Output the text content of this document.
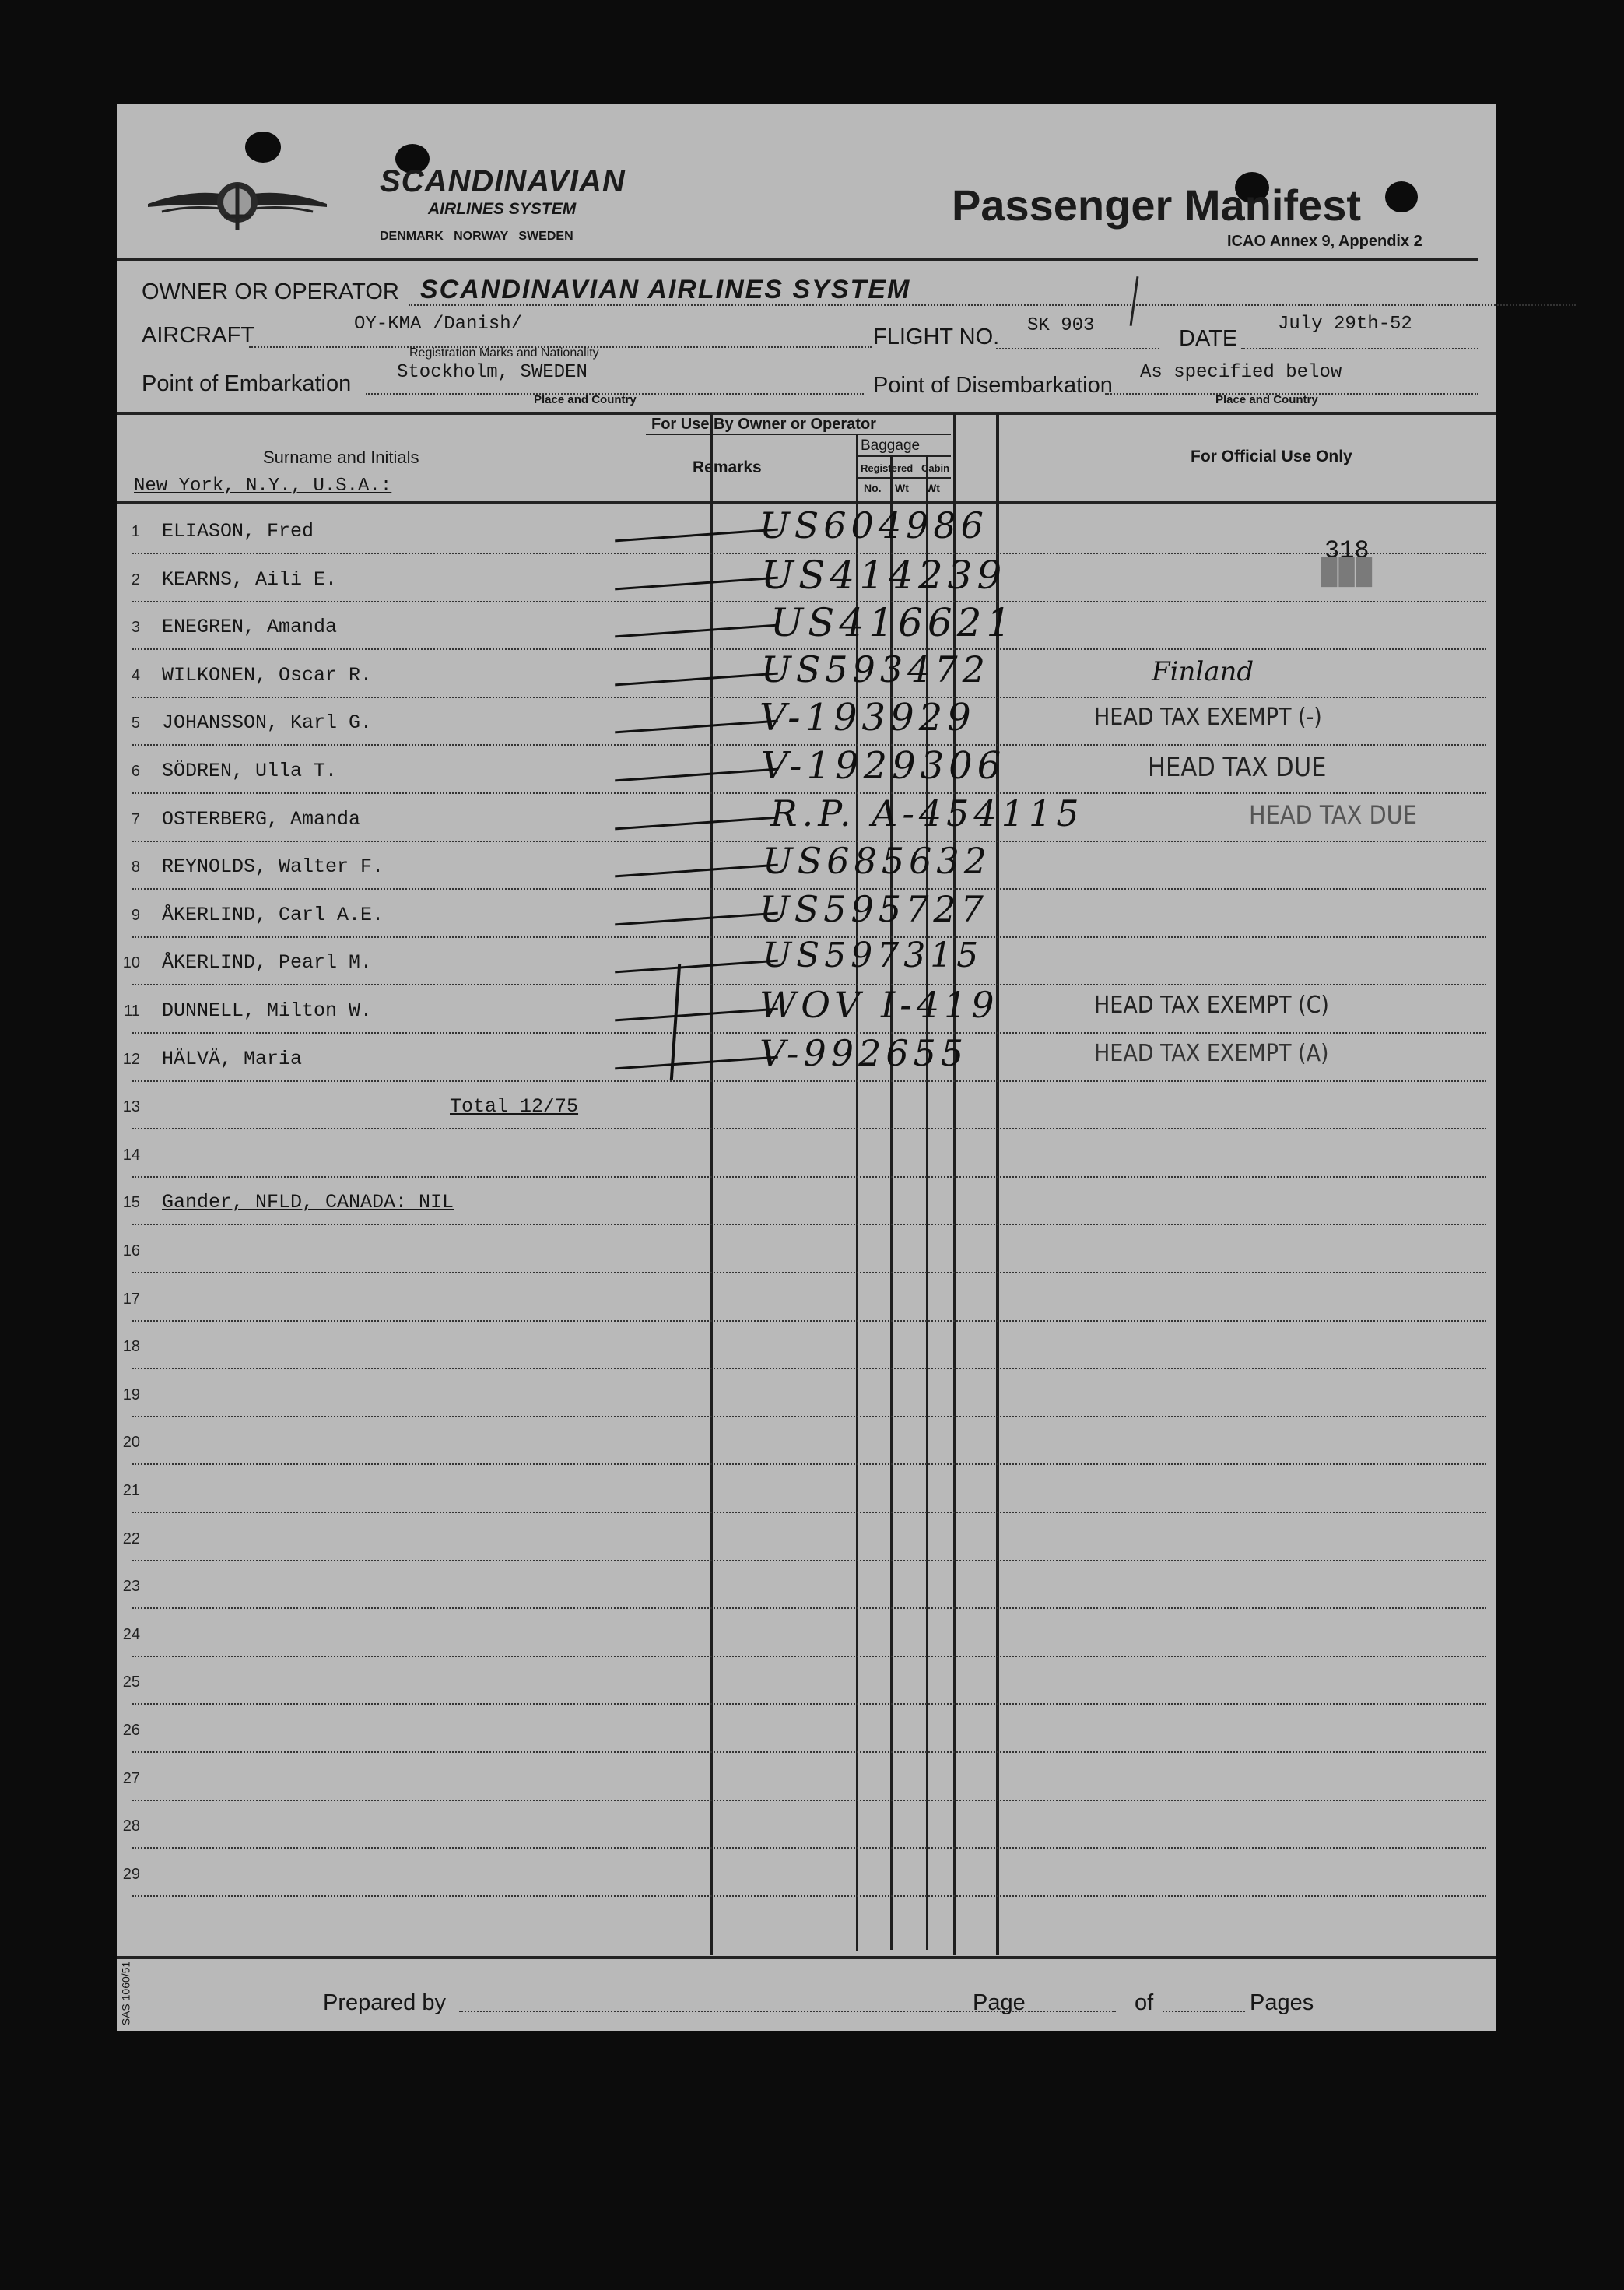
SCANDINAVIAN
AIRLINES SYSTEM
DENMARK   NORWAY   SWEDEN
Passenger Manifest
ICAO Annex 9, Appendix 2
OWNER OR OPERATOR SCANDINAVIAN AIRLINES SYSTEM
AIRCRAFT	OY-KMA /Danish/
Registration Marks and Nationality
FLIGHT NO. SK 903
DATE
July 29th-52
Point of Embarkation Stockholm, SWEDEN
Place and Country
Point of Disembarkation
As specified below
Place and Country
Surname and Initials
For Use By Owner or Operator
Remarks
Baggage
Registered Cabin
No. Wt Wt
For Official Use Only
New York, N.Y., U.S.A.:
1 ELIASON, Fred	US604986
2 KEARNS, Aili E.	US414239
3 ENEGREN, Amanda	US416621
4 WILKONEN, Oscar R.	US593472	Finland
5 JOHANSSON, Karl G.	V-193929	HEAD TAX EXEMPT (-)
6 SÖDREN, Ulla T.	V-1929306	HEAD TAX DUE
7 OSTERBERG, Amanda	R.P. A-454115	HEAD TAX DUE
8 REYNOLDS, Walter F.	US685632
9 ÅKERLIND, Carl A.E.	US595727
10 ÅKERLIND, Pearl M.	US597315
11 DUNNELL, Milton W.	WOV I-419	HEAD TAX EXEMPT (C)
12 HÄLVÄ, Maria	V-992655	HEAD TAX EXEMPT (A)
13	Total 12/75
14
15 Gander, NFLD, CANADA: NIL
16
17
18
19
20
21
22
23
24
25
26
27
28
29
318
███
Prepared by	Page	of	Pages
SAS 1060/51
